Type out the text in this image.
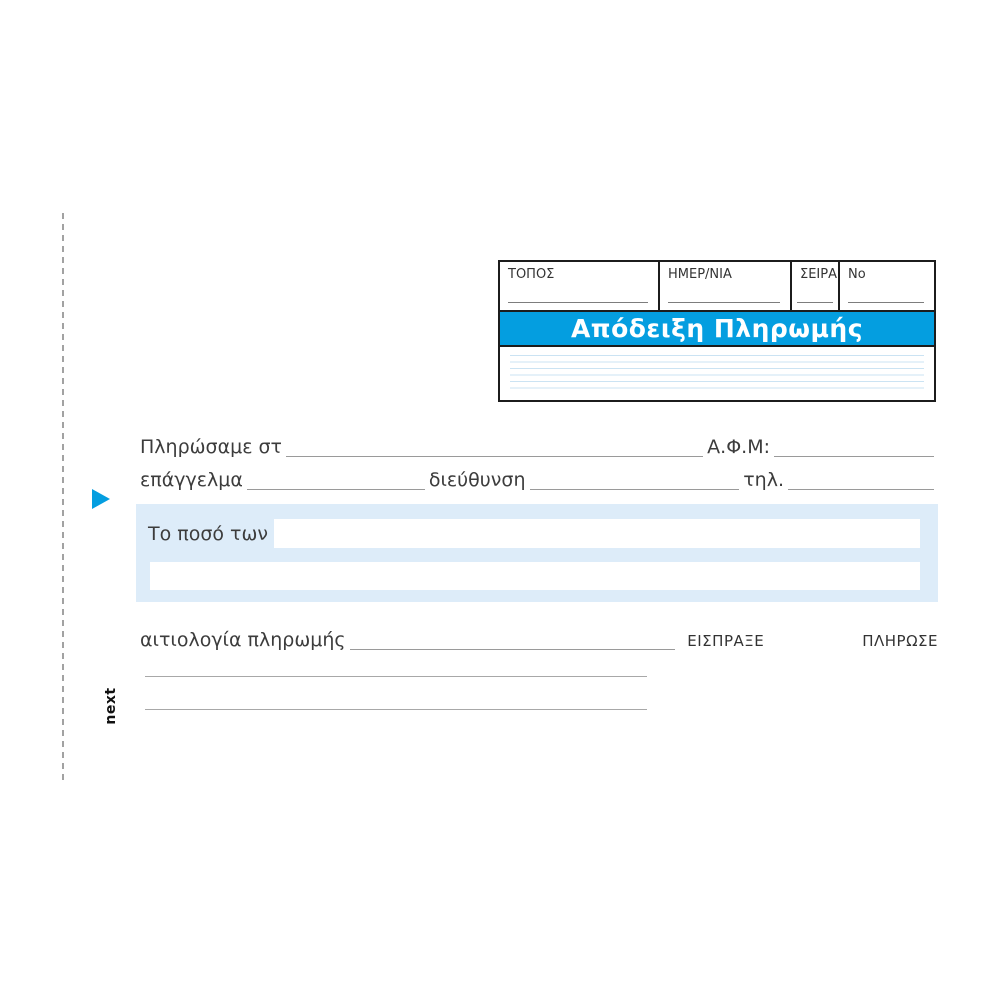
next
ΤΟΠΟΣ	ΗΜΕΡ/ΝΙΑ	ΣΕΙΡΑ No
Απόδειξη Πληρωμής
Πληρώσαμε στ	Α.Φ.Μ:
επάγγελμα	διεύθυνση	τηλ.
Το ποσό των
αιτιολογία πληρωμής	ΕΙΣΠΡΑΞΕ	ΠΛΗΡΩΣΕ
